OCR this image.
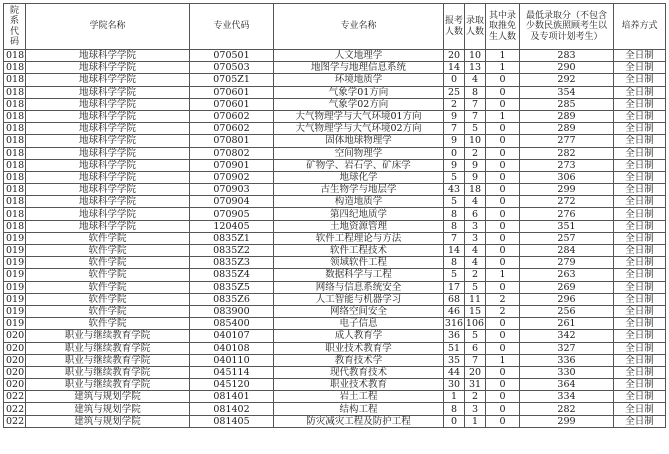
院系代码	学院名称	专业代码	专业名称	报考人数	录取人数	其中录取推免生人数	最低录取分（不包含少数民族照顾考生以及专项计划考生）	培养方式
018	地球科学学院	070501	人文地理学	20	10	1	283	全日制
018	地球科学学院	070503	地图学与地理信息系统	14	13	1	290	全日制
018	地球科学学院	0705Z1	环境地质学	0	4	0	292	全日制
018	地球科学学院	070601	气象学01方向	25	8	0	354	全日制
018	地球科学学院	070601	气象学02方向	2	7	0	285	全日制
018	地球科学学院	070602	大气物理学与大气环境01方向	9	7	1	289	全日制
018	地球科学学院	070602	大气物理学与大气环境02方向	7	5	0	289	全日制
018	地球科学学院	070801	固体地球物理学	9	10	0	277	全日制
018	地球科学学院	070802	空间物理学	0	2	0	282	全日制
018	地球科学学院	070901	矿物学、岩石学、矿床学	9	9	0	273	全日制
018	地球科学学院	070902	地球化学	5	9	0	306	全日制
018	地球科学学院	070903	古生物学与地层学	43	18	0	299	全日制
018	地球科学学院	070904	构造地质学	5	4	0	272	全日制
018	地球科学学院	070905	第四纪地质学	8	6	0	276	全日制
018	地球科学学院	120405	土地资源管理	8	3	0	351	全日制
019	软件学院	0835Z1	软件工程理论与方法	7	3	0	257	全日制
019	软件学院	0835Z2	软件工程技术	14	4	0	284	全日制
019	软件学院	0835Z3	领域软件工程	8	4	0	279	全日制
019	软件学院	0835Z4	数据科学与工程	5	2	1	263	全日制
019	软件学院	0835Z5	网络与信息系统安全	17	5	0	269	全日制
019	软件学院	0835Z6	人工智能与机器学习	68	11	2	296	全日制
019	软件学院	083900	网络空间安全	46	15	2	256	全日制
019	软件学院	085400	电子信息	316	106	0	261	全日制
020	职业与继续教育学院	040107	成人教育学	36	5	0	342	全日制
020	职业与继续教育学院	040108	职业技术教育学	51	6	0	327	全日制
020	职业与继续教育学院	040110	教育技术学	35	7	1	336	全日制
020	职业与继续教育学院	045114	现代教育技术	44	20	0	330	全日制
020	职业与继续教育学院	045120	职业技术教育	30	31	0	364	全日制
022	建筑与规划学院	081401	岩土工程	1	2	0	334	全日制
022	建筑与规划学院	081402	结构工程	8	3	0	282	全日制
022	建筑与规划学院	081405	防灾减灾工程及防护工程	0	1	0	299	全日制
